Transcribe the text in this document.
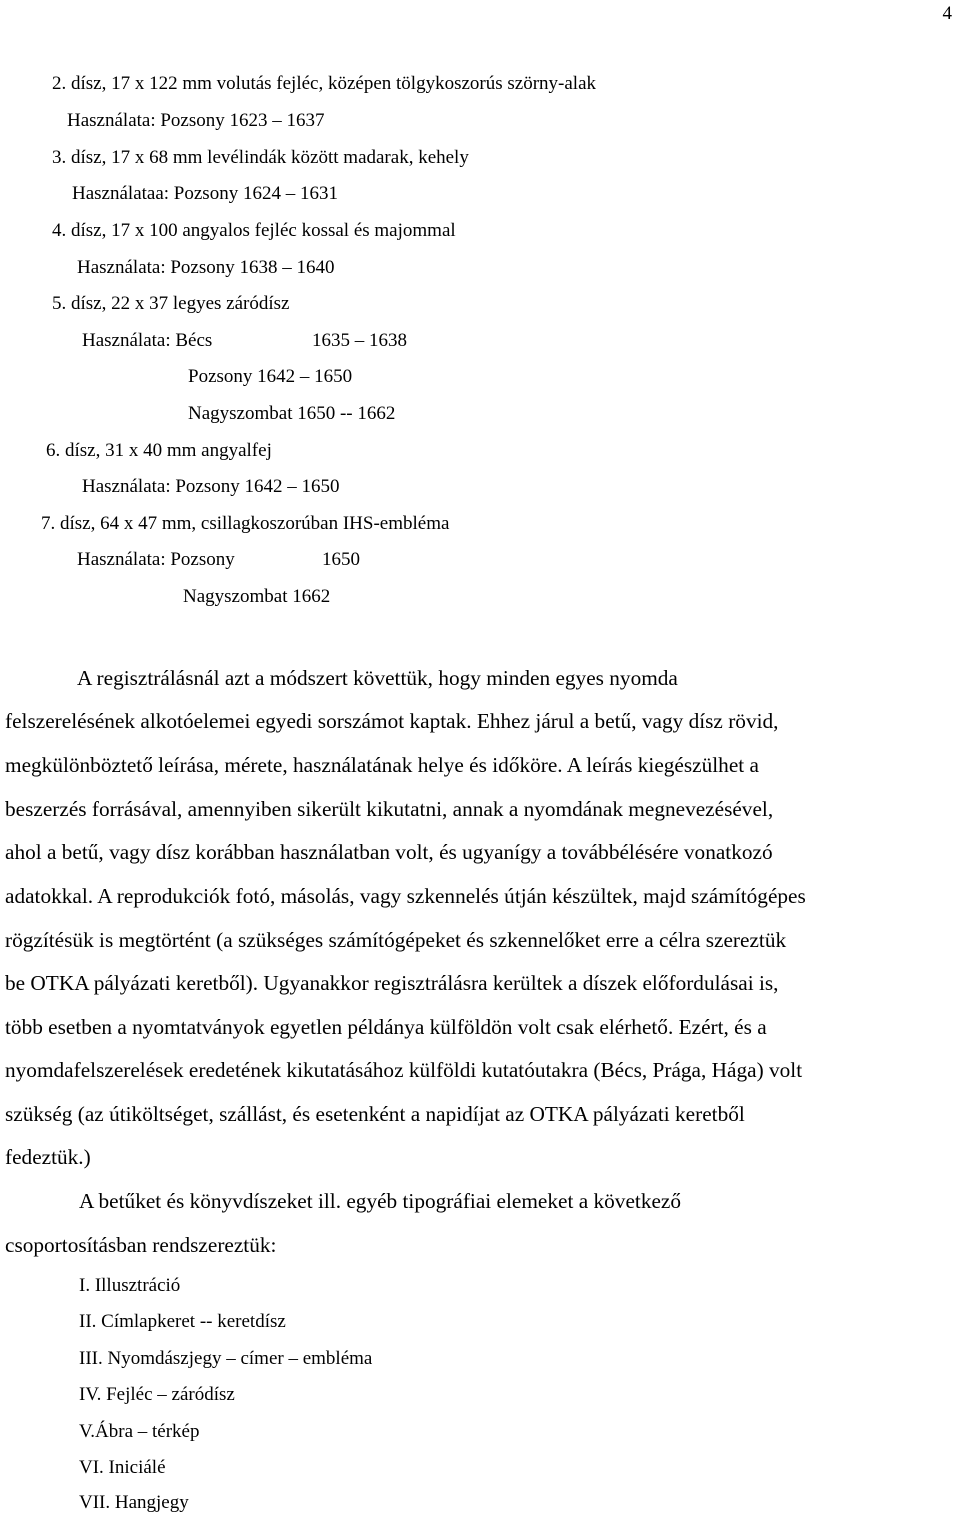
4
2. dísz, 17 x 122 mm volutás fejléc, középen tölgykoszorús szörny-alak
Használata: Pozsony 1623 – 1637
3. dísz, 17 x 68 mm levélindák között madarak, kehely
Használataa: Pozsony 1624 – 1631
4. dísz, 17 x 100 angyalos fejléc kossal és majommal
Használata: Pozsony 1638 – 1640
5. dísz, 22 x 37 legyes záródísz
Használata: Bécs	1635 – 1638
Pozsony 1642 – 1650
Nagyszombat 1650 -- 1662
6. dísz, 31 x 40 mm angyalfej
Használata: Pozsony 1642 – 1650
7. dísz, 64 x 47 mm, csillagkoszorúban IHS-embléma
Használata: Pozsony	1650
Nagyszombat 1662
A regisztrálásnál azt a módszert követtük, hogy minden egyes nyomda
felszerelésének alkotóelemei egyedi sorszámot kaptak. Ehhez járul a betű, vagy dísz rövid,
megkülönböztető leírása, mérete, használatának helye és időköre. A leírás kiegészülhet a
beszerzés forrásával, amennyiben sikerült kikutatni, annak a nyomdának megnevezésével,
ahol a betű, vagy dísz korábban használatban volt, és ugyanígy a továbbélésére vonatkozó
adatokkal. A reprodukciók fotó, másolás, vagy szkennelés útján készültek, majd számítógépes
rögzítésük is megtörtént (a szükséges számítógépeket és szkennelőket erre a célra szereztük
be OTKA pályázati keretből). Ugyanakkor regisztrálásra kerültek a díszek előfordulásai is,
több esetben a nyomtatványok egyetlen példánya külföldön volt csak elérhető. Ezért, és a
nyomdafelszerelések eredetének kikutatásához külföldi kutatóutakra (Bécs, Prága, Hága) volt
szükség (az útiköltséget, szállást, és esetenként a napidíjat az OTKA pályázati keretből
fedeztük.)
A betűket és könyvdíszeket ill. egyéb tipográfiai elemeket a következő
csoportosításban rendszereztük:
I. Illusztráció
II. Címlapkeret -- keretdísz
III. Nyomdászjegy – címer – embléma
IV. Fejléc – záródísz
V.Ábra – térkép
VI. Iniciálé
VII. Hangjegy
